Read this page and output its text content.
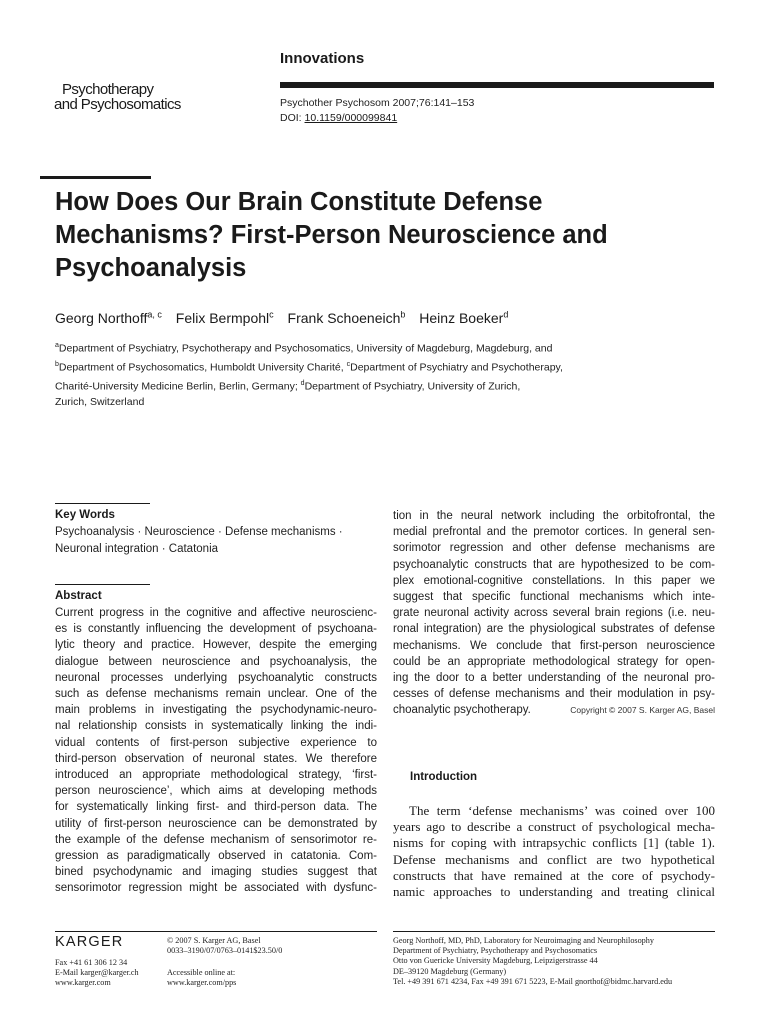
Innovations
Psychotherapy
and Psychosomatics	Psychother Psychosom 2007;76:141–153
DOI: 10.1159/000099841
How Does Our Brain Constitute Defense Mechanisms? First-Person Neuroscience and Psychoanalysis
Georg Northoff$^{a, c}$ Felix Bermpohl$^c$ Frank Schoeneich$^b$ Heinz Boeker$^d$
$^a$Department of Psychiatry, Psychotherapy and Psychosomatics, University of Magdeburg, Magdeburg, and
$^b$Department of Psychosomatics, Humboldt University Charité, $^c$Department of Psychiatry and Psychotherapy,
Charité-University Medicine Berlin, Berlin, Germany; $^d$Department of Psychiatry, University of Zurich,
Zurich, Switzerland
Key Words
Psychoanalysis · Neuroscience · Defense mechanisms ·
Neuronal integration · Catatonia
Abstract
Current progress in the cognitive and affective neuroscienc-
es is constantly influencing the development of psychoana-
lytic theory and practice. However, despite the emerging
dialogue between neuroscience and psychoanalysis, the
neuronal processes underlying psychoanalytic constructs
such as defense mechanisms remain unclear. One of the
main problems in investigating the psychodynamic-neuro-
nal relationship consists in systematically linking the indi-
vidual contents of first-person subjective experience to
third-person observation of neuronal states. We therefore
introduced an appropriate methodological strategy, ‘first-
person neuroscience’, which aims at developing methods
for systematically linking first- and third-person data. The
utility of first-person neuroscience can be demonstrated by
the example of the defense mechanism of sensorimotor re-
gression as paradigmatically observed in catatonia. Com-
bined psychodynamic and imaging studies suggest that
sensorimotor regression might be associated with dysfunc-
tion in the neural network including the orbitofrontal, the
medial prefrontal and the premotor cortices. In general sen-
sorimotor regression and other defense mechanisms are
psychoanalytic constructs that are hypothesized to be com-
plex emotional-cognitive constellations. In this paper we
suggest that specific functional mechanisms which inte-
grate neuronal activity across several brain regions (i.e. neu-
ronal integration) are the physiological substrates of defense
mechanisms. We conclude that first-person neuroscience
could be an appropriate methodological strategy for open-
ing the door to a better understanding of the neuronal pro-
cesses of defense mechanisms and their modulation in psy-
choanalytic psychotherapy.	Copyright © 2007 S. Karger AG, Basel
Introduction
The term ‘defense mechanisms’ was coined over 100
years ago to describe a construct of psychological mecha-
nisms for coping with intrapsychic conflicts [1] (table 1).
Defense mechanisms and conflict are two hypothetical
constructs that have remained at the core of psychody-
namic approaches to understanding and treating clinical
KARGER
Fax +41 61 306 12 34
E-Mail karger@karger.ch
www.karger.com
© 2007 S. Karger AG, Basel
0033–3190/07/0763–0141$23.50/0
Accessible online at:
www.karger.com/pps
Georg Northoff, MD, PhD, Laboratory for Neuroimaging and Neurophilosophy
Department of Psychiatry, Psychotherapy and Psychosomatics
Otto von Guericke University Magdeburg, Leipzigerstrasse 44
DE–39120 Magdeburg (Germany)
Tel. +49 391 671 4234, Fax +49 391 671 5223, E-Mail gnorthof@bidmc.harvard.edu
